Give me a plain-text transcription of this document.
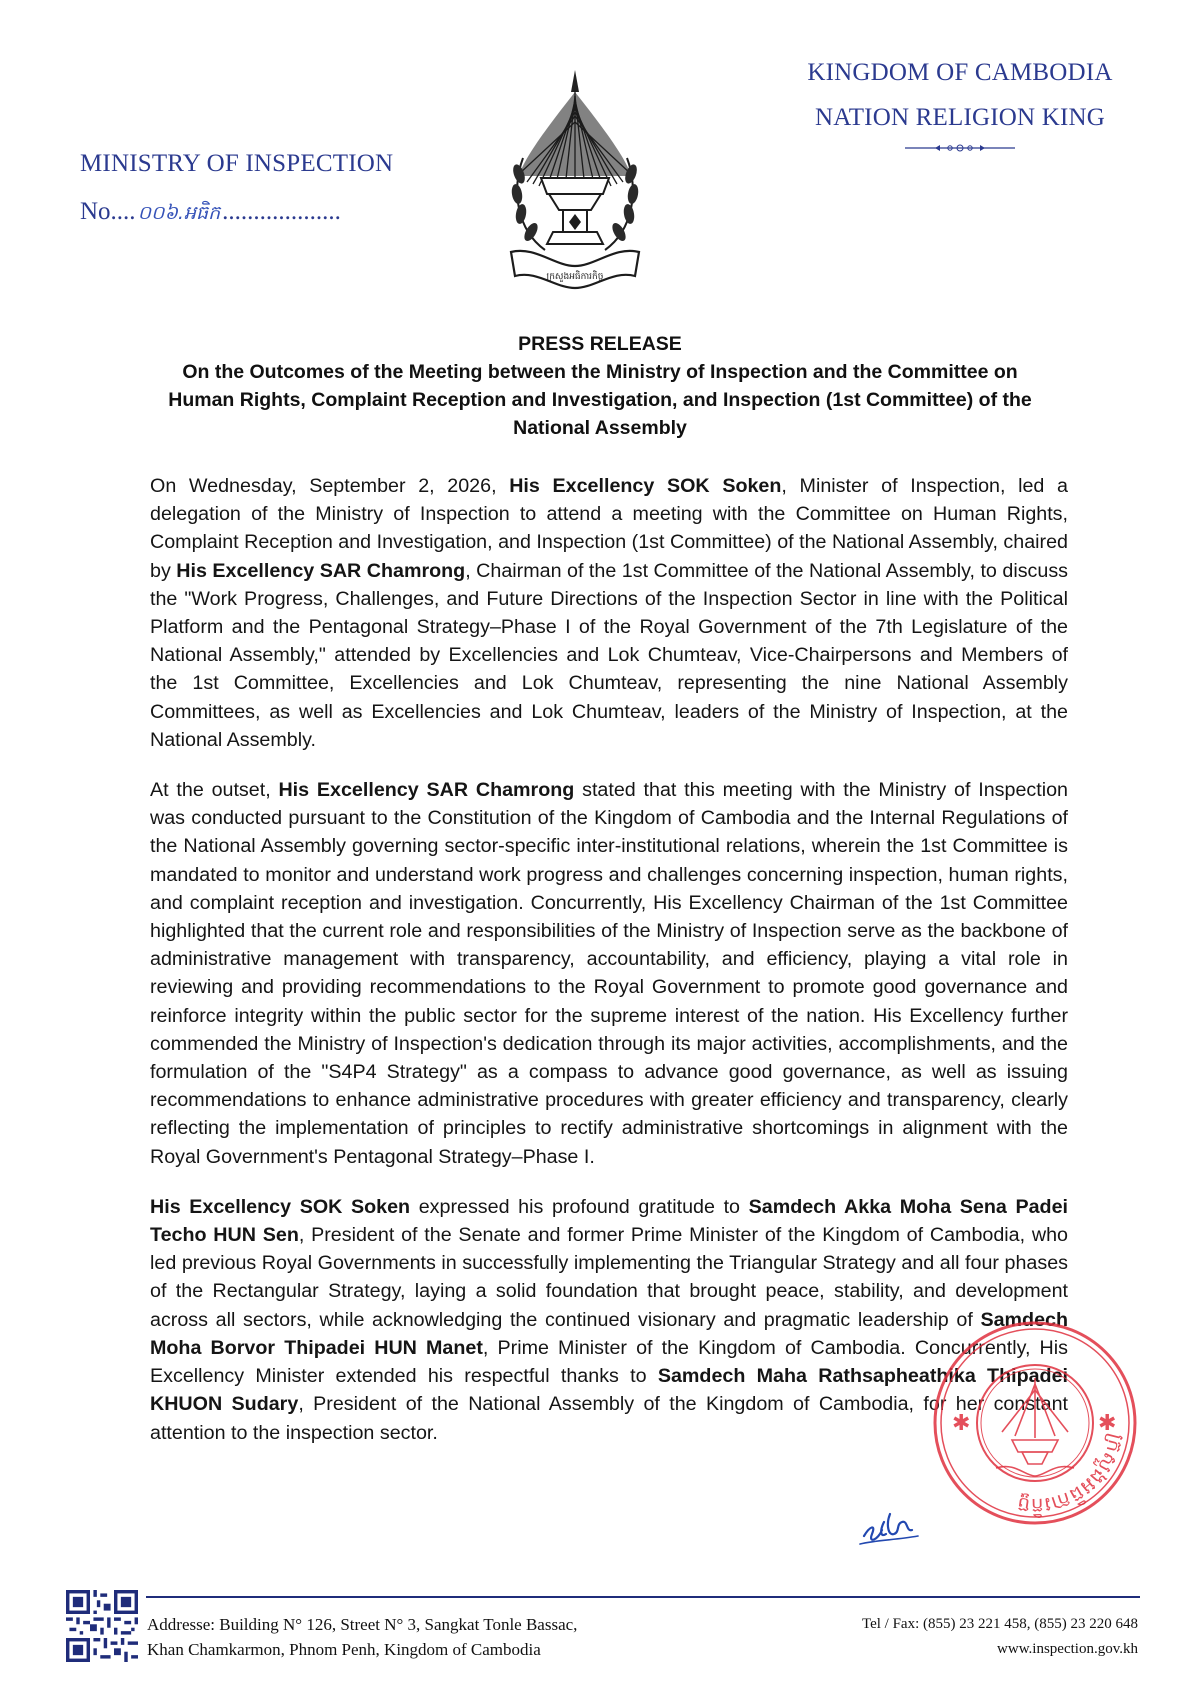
KINGDOM OF CAMBODIA
NATION RELIGION KING
MINISTRY OF INSPECTION
No.... ០០៦.អធិក...................
ក្រសួងអធិការកិច្ច
PRESS RELEASE
On the Outcomes of the Meeting between the Ministry of Inspection and the Committee on
Human Rights, Complaint Reception and Investigation, and Inspection (1st Committee) of the
National Assembly

On Wednesday, September 2, 2026, His Excellency SOK Soken, Minister of Inspection, led a delegation of the Ministry of Inspection to attend a meeting with the Committee on Human Rights, Complaint Reception and Investigation, and Inspection (1st Committee) of the National Assembly, chaired by His Excellency SAR Chamrong, Chairman of the 1st Committee of the National Assembly, to discuss the "Work Progress, Challenges, and Future Directions of the Inspection Sector in line with the Political Platform and the Pentagonal Strategy–Phase I of the Royal Government of the 7th Legislature of the National Assembly," attended by Excellencies and Lok Chumteav, Vice-Chairpersons and Members of the 1st Committee, Excellencies and Lok Chumteav, representing the nine National Assembly Committees, as well as Excellencies and Lok Chumteav, leaders of the Ministry of Inspection, at the National Assembly.

At the outset, His Excellency SAR Chamrong stated that this meeting with the Ministry of Inspection was conducted pursuant to the Constitution of the Kingdom of Cambodia and the Internal Regulations of the National Assembly governing sector-specific inter-institutional relations, wherein the 1st Committee is mandated to monitor and understand work progress and challenges concerning inspection, human rights, and complaint reception and investigation. Concurrently, His Excellency Chairman of the 1st Committee highlighted that the current role and responsibilities of the Ministry of Inspection serve as the backbone of administrative management with transparency, accountability, and efficiency, playing a vital role in reviewing and providing recommendations to the Royal Government to promote good governance and reinforce integrity within the public sector for the supreme interest of the nation. His Excellency further commended the Ministry of Inspection's dedication through its major activities, accomplishments, and the formulation of the "S4P4 Strategy" as a compass to advance good governance, as well as issuing recommendations to enhance administrative procedures with greater efficiency and transparency, clearly reflecting the implementation of principles to rectify administrative shortcomings in alignment with the Royal Government's Pentagonal Strategy–Phase I.

His Excellency SOK Soken expressed his profound gratitude to Samdech Akka Moha Sena Padei Techo HUN Sen, President of the Senate and former Prime Minister of the Kingdom of Cambodia, who led previous Royal Governments in successfully implementing the Triangular Strategy and all four phases of the Rectangular Strategy, laying a solid foundation that brought peace, stability, and development across all sectors, while acknowledging the continued visionary and pragmatic leadership of Samdech Moha Borvor Thipadei HUN Manet, Prime Minister of the Kingdom of Cambodia. Concurrently, His Excellency Minister extended his respectful thanks to Samdech Maha Rathsapheathika Thipadei KHUON Sudary, President of the National Assembly of the Kingdom of Cambodia, for her constant attention to the inspection sector.	ក្រសួងអធិការកិច្ច
✱	✱
Addresse: Building N° 126, Street N° 3, Sangkat Tonle Bassac,
Khan Chamkarmon, Phnom Penh, Kingdom of Cambodia
Tel / Fax: (855) 23 221 458, (855) 23 220 648
www.inspection.gov.kh
